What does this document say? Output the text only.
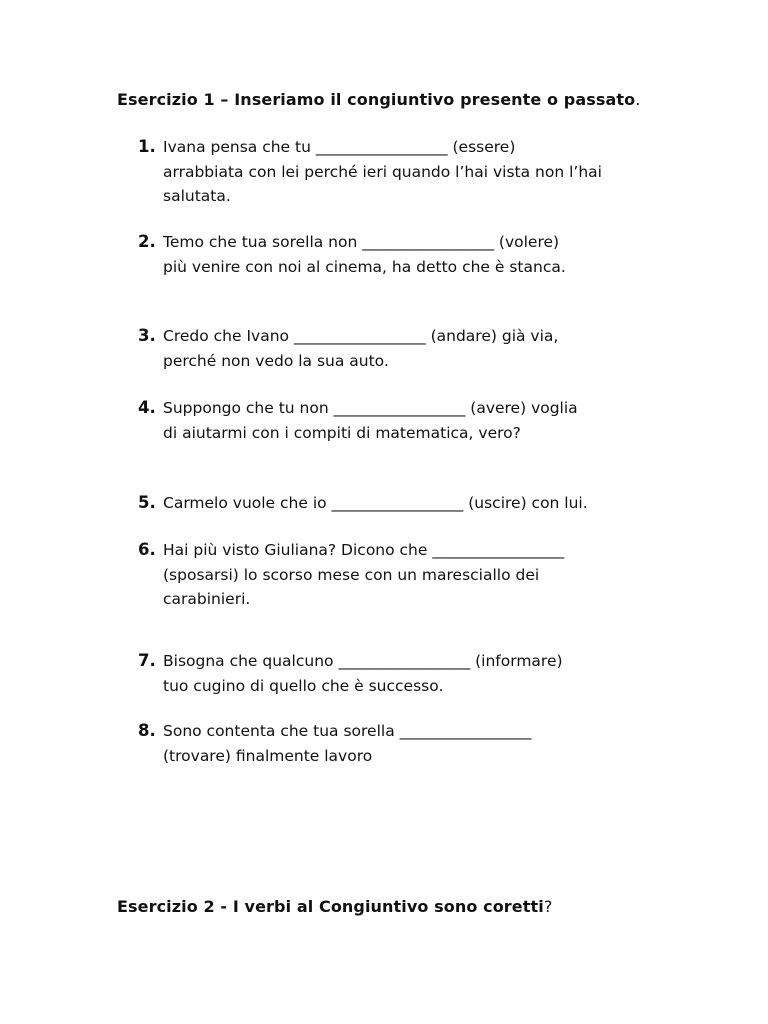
Esercizio 1 – Inseriamo il congiuntivo presente o passato.
1. Ivana pensa che tu _________________ (essere)
arrabbiata con lei perché ieri quando l’hai vista non l’hai
salutata.
2. Temo che tua sorella non _________________ (volere)
più venire con noi al cinema, ha detto che è stanca.
3. Credo che Ivano _________________ (andare) già via,
perché non vedo la sua auto.
4. Suppongo che tu non _________________ (avere) voglia
di aiutarmi con i compiti di matematica, vero?
5. Carmelo vuole che io _________________ (uscire) con lui.
6. Hai più visto Giuliana? Dicono che _________________
(sposarsi) lo scorso mese con un maresciallo dei
carabinieri.
7. Bisogna che qualcuno _________________ (informare)
tuo cugino di quello che è successo.
8. Sono contenta che tua sorella _________________
(trovare) finalmente lavoro
Esercizio 2 - I verbi al Congiuntivo sono coretti?
